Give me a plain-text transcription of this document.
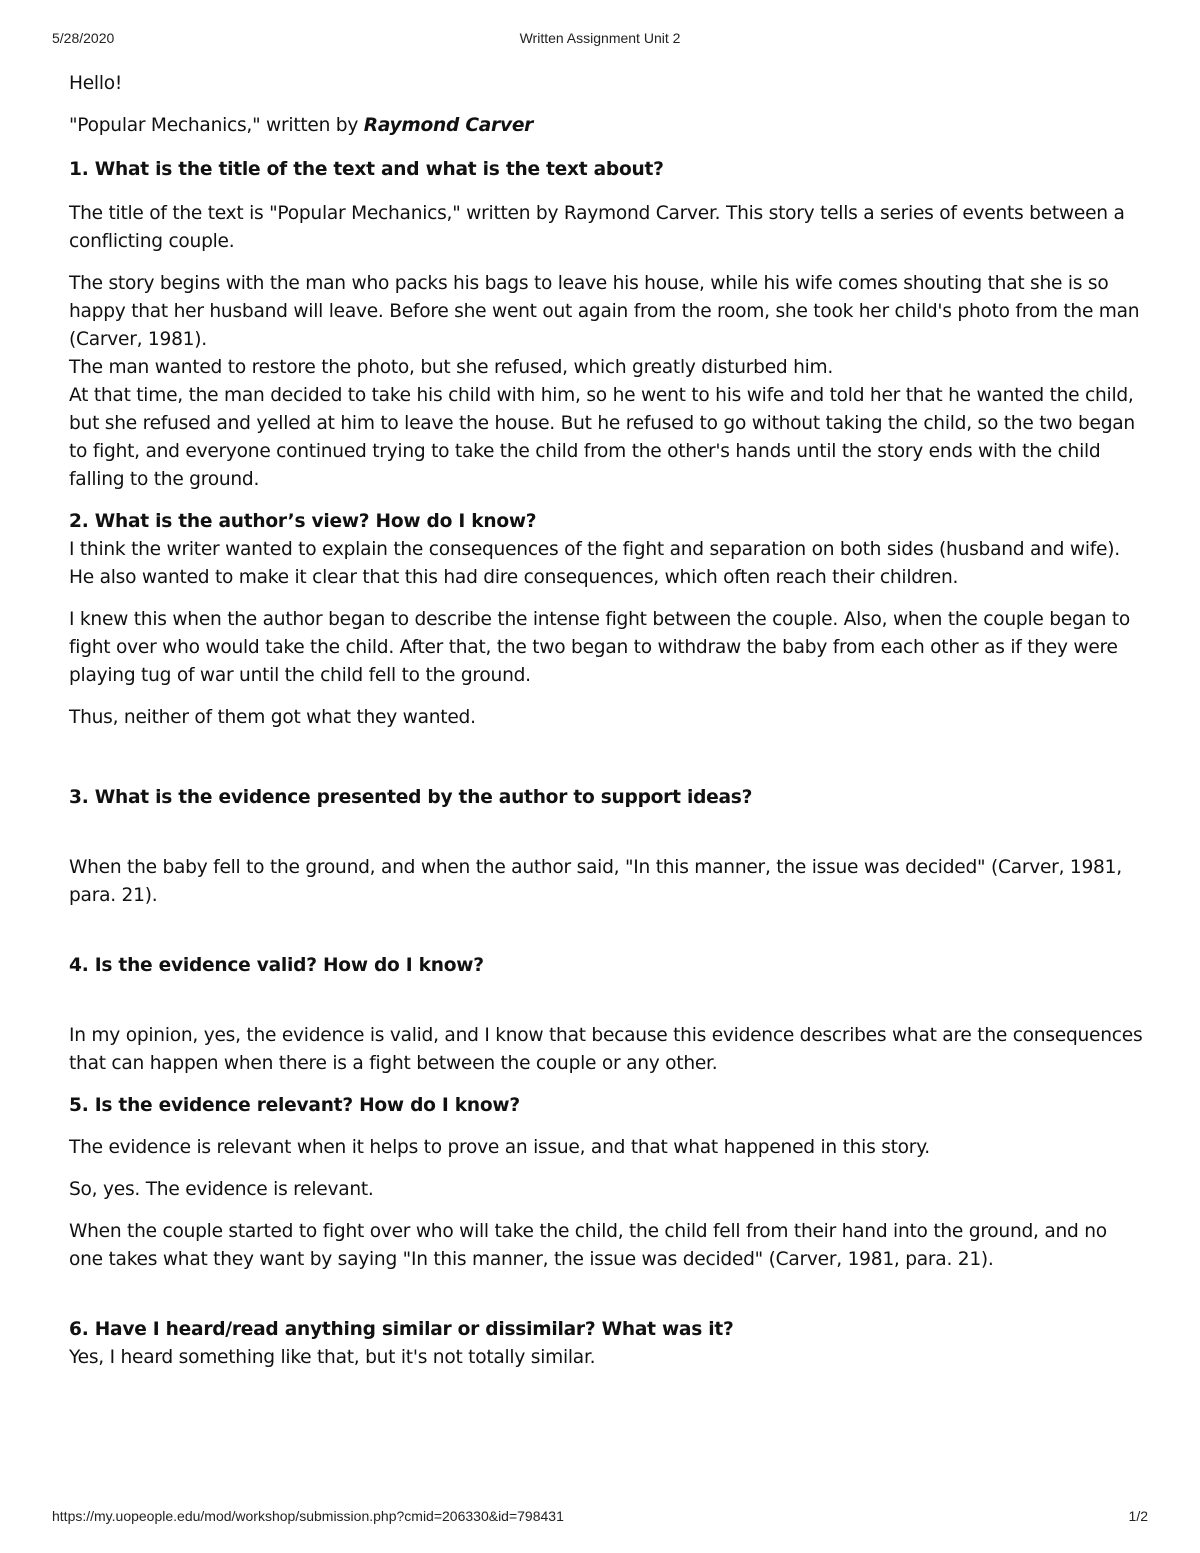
5/28/2020	Written Assignment Unit 2

Hello!

"Popular Mechanics," written by Raymond Carver

1. What is the title of the text and what is the text about?

The title of the text is "Popular Mechanics," written by Raymond Carver. This story tells a series of events between a conflicting couple.

The story begins with the man who packs his bags to leave his house, while his wife comes shouting that she is so happy that her husband will leave. Before she went out again from the room, she took her child's photo from the man (Carver, 1981).

The man wanted to restore the photo, but she refused, which greatly disturbed him.

At that time, the man decided to take his child with him, so he went to his wife and told her that he wanted the child, but she refused and yelled at him to leave the house. But he refused to go without taking the child, so the two began to fight, and everyone continued trying to take the child from the other's hands until the story ends with the child falling to the ground.

2. What is the author’s view? How do I know?

I think the writer wanted to explain the consequences of the fight and separation on both sides (husband and wife). He also wanted to make it clear that this had dire consequences, which often reach their children.

I knew this when the author began to describe the intense fight between the couple. Also, when the couple began to fight over who would take the child. After that, the two began to withdraw the baby from each other as if they were playing tug of war until the child fell to the ground.

Thus, neither of them got what they wanted.

3. What is the evidence presented by the author to support ideas?

When the baby fell to the ground, and when the author said, "In this manner, the issue was decided" (Carver, 1981, para. 21).

4. Is the evidence valid? How do I know?

In my opinion, yes, the evidence is valid, and I know that because this evidence describes what are the consequences that can happen when there is a fight between the couple or any other.

5. Is the evidence relevant? How do I know?

The evidence is relevant when it helps to prove an issue, and that what happened in this story.

So, yes. The evidence is relevant.

When the couple started to fight over who will take the child, the child fell from their hand into the ground, and no one takes what they want by saying "In this manner, the issue was decided" (Carver, 1981, para. 21).

6. Have I heard/read anything similar or dissimilar? What was it?

Yes, I heard something like that, but it's not totally similar.

https://my.uopeople.edu/mod/workshop/submission.php?cmid=206330&id=798431	1/2
